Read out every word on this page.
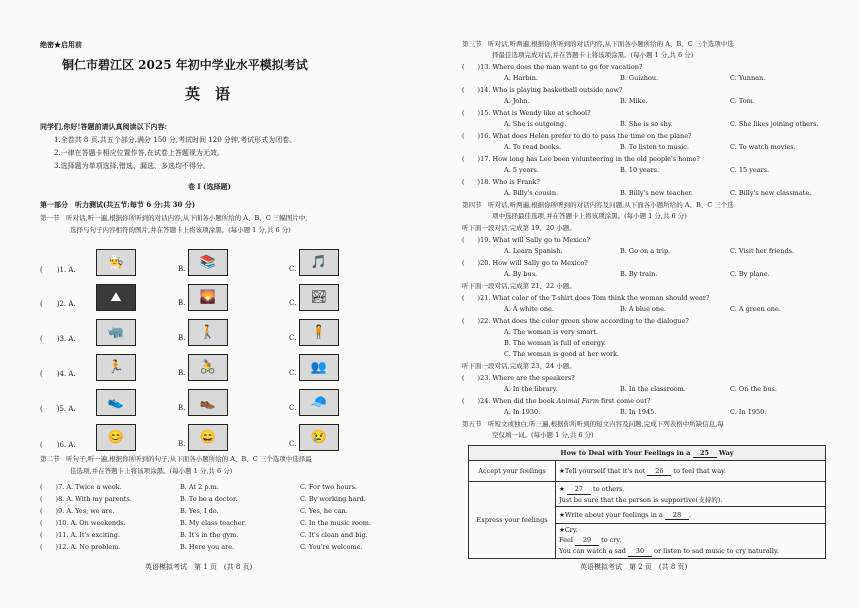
绝密★启用前
铜仁市碧江区 2025 年初中学业水平模拟考试
英　语
同学们,你好!答题前请认真阅读以下内容:
1.全卷共 8 页,共五个部分,满分 150 分,考试时间 120 分钟,考试形式为闭卷。
2.一律在答题卡相应位置作答,在试卷上答题视为无效。
3.选择题为单项选择,错选、漏选、多选均不得分。
卷 I (选择题)
第一部分　听力测试(共五节;每节 6 分;共 30 分)
第一节　听对话,听一遍,根据你所听到的对话内容,从下面各小题所给的 A、B、C 三幅图片中,
选择与句子内容相符的图片,并在答题卡上将该项涂黑。(每小题 1 分,共 6 分)
(　　)1. A.	👨‍🍳	B.	📚	C.	🎵
(　　)2. A.	⛰	B.	🌄	C.	🏞
(　　)3. A.	🦏	B.	🚶	C.	🧍
(　　)4. A.	🏃	B.	🚴	C.	👥
(　　)5. A.	👟	B.	👞	C.	🧢
(　　)6. A.	😊	B.	😄	C.	😢
第二节　听句子,听一遍,根据你所听到的句子,从下面各小题所给的 A、B、C 三个选项中选择最
佳选项,并在答题卡上将该项涂黑。(每小题 1 分,共 6 分)
(　　)7. A. Twice a week.	B. At 2 p.m.	C. For two hours.
(　　)8. A. With my parents.	B. To be a doctor.	C. By working hard.
(　　)9. A. Yes, we are.	B. Yes, I do.	C. Yes, he can.
(　　)10. A. On weekends.	B. My class teacher.	C. In the music room.
(　　)11. A. It's exciting.	B. It's in the gym.	C. It's clean and big.
(　　)12. A. No problem.	B. Here you are.	C. You're welcome.
英语模拟考试　第 1 页　(共 8 页)
第三节　听对话,听两遍,根据你所听到的对话内容,从下面各小题所给的 A、B、C 三个选项中选
择最佳选项完成对话,并在答题卡上将该项涂黑。(每小题 1 分,共 6 分)
(　　)13. Where does the man want to go for vacation?
A. Harbin.	B. Guizhou.	C. Yunnan.
(　　)14. Who is playing basketball outside now?
A. John.	B. Mike.	C. Tom.
(　　)15. What is Wendy like at school?
A. She is outgoing.	B. She is so shy.	C. She likes joining others.
(　　)16. What does Helen prefer to do to pass the time on the plane?
A. To read books.	B. To listen to music.	C. To watch movies.
(　　)17. How long has Leo been volunteering in the old people's home?
A. 5 years.	B. 10 years.	C. 15 years.
(　　)18. Who is Frank?
A. Billy's cousin.	B. Billy's new teacher.	C. Billy's new classmate.
第四节　听对话,听两遍,根据你所听到的对话内容及问题,从下面各小题所给的 A、B、C 三个选
项中选择最佳选项,并在答题卡上将该项涂黑。(每小题 1 分,共 6 分)
听下面一段对话,完成第 19、20 小题。
(　　)19. What will Sally go to Mexico?
A. Learn Spanish.	B. Go on a trip.	C. Visit her friends.
(　　)20. How will Sally go to Mexico?
A. By bus.	B. By train.	C. By plane.
听下面一段对话,完成第 21、22 小题。
(　　)21. What color of the T-shirt does Tom think the woman should wear?
A. A white one.	B. A blue one.	C. A green one.
(　　)22. What does the color green show according to the dialogue?
A. The woman is very smart.
B. The woman is full of energy.
C. The woman is good at her work.
听下面一段对话,完成第 23、24 小题。
(　　)23. Where are the speakers?
A. In the library.	B. In the classroom.	C. On the bus.
(　　)24. When did the book Animal Farm first come out?
A. In 1930.	B. In 1945.	C. In 1950.
第五节　听短文或独白,听三遍,根据你所听到的短文内容及问题,完成下列表格中所缺信息,每
空仅填一词。(每小题 1 分,共 6 分)
How to Deal with Your Feelings in a 25 Way	
Accept your feelings	★Tell yourself that it's not 26 to feel that way.
Express your feelings	★ 27 to others.
Just be sure that the person is supportive(支持的).
	★Write about your feelings in a 28 .
	★Cry.
Feel 29 to cry.
You can watch a sad 30 or listen to sad music to cry naturally.
英语模拟考试　第 2 页　(共 8 页)
